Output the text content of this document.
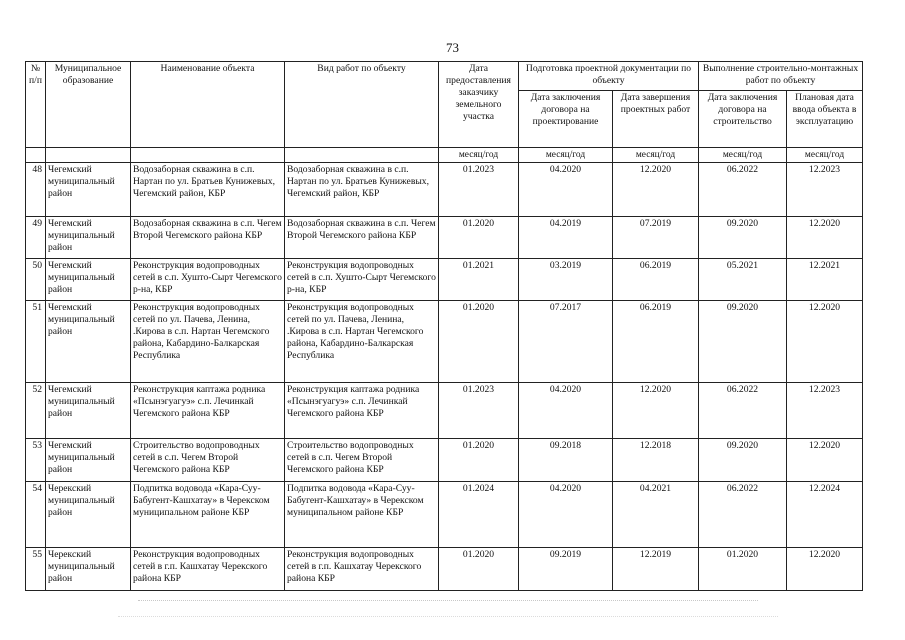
73
№ п/п	Муниципальное образование	Наименование объекта	Вид работ по объекту	Дата предоставления заказчику земельного участка	Подготовка проектной документации по объекту		Выполнение строительно-монтажных работ по объекту	
					Дата заключения договора на проектирование	Дата завершения проектных работ	Дата заключения договора на строительство	Плановая дата ввода объекта в эксплуатацию
				месяц/год	месяц/год	месяц/год	месяц/год	месяц/год
48	Чегемский муниципальный район	Водозаборная скважина в с.п. Нартан по ул. Братьев Кунижевых, Чегемский район, КБР	Водозаборная скважина в с.п. Нартан по ул. Братьев Кунижевых, Чегемский район, КБР	01.2023	04.2020	12.2020	06.2022	12.2023
49	Чегемский муниципальный район	Водозаборная скважина в с.п. Чегем Второй Чегемского района КБР	Водозаборная скважина в с.п. Чегем Второй Чегемского района КБР	01.2020	04.2019	07.2019	09.2020	12.2020
50	Чегемский муниципальный район	Реконструкция водопроводных сетей в с.п. Хушто-Сырт Чегемского р-на, КБР	Реконструкция водопроводных сетей в с.п. Хушто-Сырт Чегемского р-на, КБР	01.2021	03.2019	06.2019	05.2021	12.2021
51	Чегемский муниципальный район	Реконструкция водопроводных сетей по ул. Пачева, Ленина, .Кирова в с.п. Нартан Чегемского района, Кабардино-Балкарская Республика	Реконструкция водопроводных сетей по ул. Пачева, Ленина, .Кирова в с.п. Нартан Чегемского района, Кабардино-Балкарская Республика	01.2020	07.2017	06.2019	09.2020	12.2020
52	Чегемский муниципальный район	Реконструкция каптажа родника «Псынэгуагуэ» с.п. Лечинкай Чегемского района КБР	Реконструкция каптажа родника «Псынэгуагуэ» с.п. Лечинкай Чегемского района КБР	01.2023	04.2020	12.2020	06.2022	12.2023
53	Чегемский муниципальный район	Строительство водопроводных сетей в с.п. Чегем Второй Чегемского района КБР	Строительство водопроводных сетей в с.п. Чегем Второй Чегемского района КБР	01.2020	09.2018	12.2018	09.2020	12.2020
54	Черекский муниципальный район	Подпитка водовода «Кара-Суу-Бабугент-Кашхатау» в Черекском муниципальном районе КБР	Подпитка водовода «Кара-Суу-Бабугент-Кашхатау» в Черекском муниципальном районе КБР	01.2024	04.2020	04.2021	06.2022	12.2024
55	Черекский муниципальный район	Реконструкция водопроводных сетей в г.п. Кашхатау Черекского района КБР	Реконструкция водопроводных сетей в г.п. Кашхатау Черекского района КБР	01.2020	09.2019	12.2019	01.2020	12.2020
